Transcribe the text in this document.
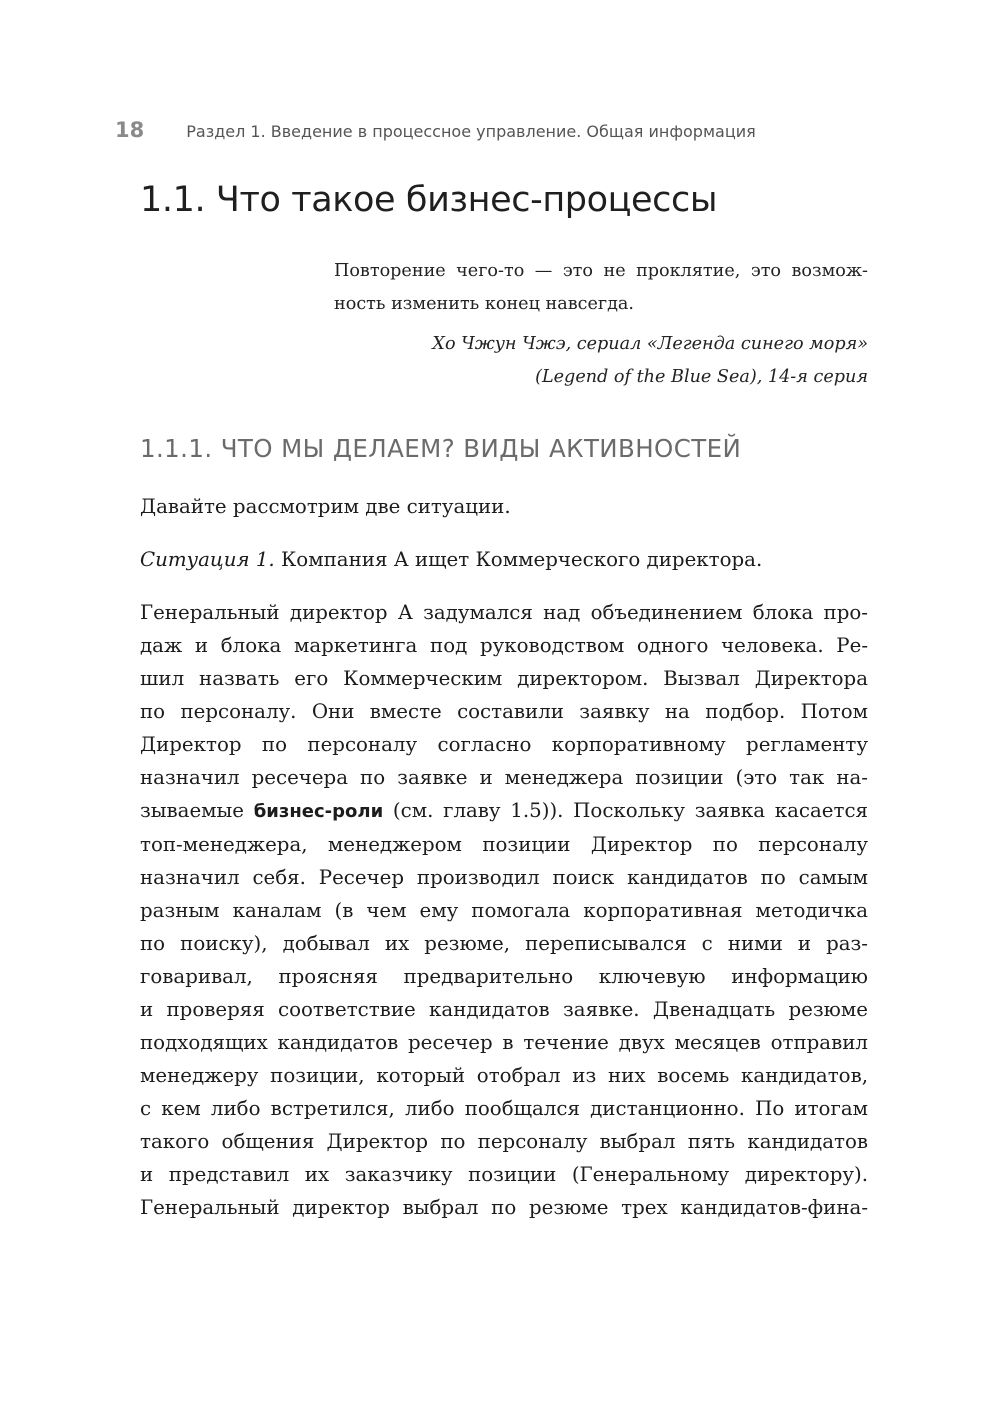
18	Раздел 1. Введение в процессное управление. Общая информация
1.1. Что такое бизнес-процессы

Повторение чего-то — это не проклятие, это возмож-
ность изменить конец навсегда.

Хо Чжун Чжэ, сериал «Легенда синего моря»
(Legend of the Blue Sea), 14-я серия

1.1.1. ЧТО МЫ ДЕЛАЕМ? ВИДЫ АКТИВНОСТЕЙ

Давайте рассмотрим две ситуации.

Ситуация 1. Компания А ищет Коммерческого директора.

Генеральный директор А задумался над объединением блока про-
даж и блока маркетинга под руководством одного человека. Ре-
шил назвать его Коммерческим директором. Вызвал Директора
по персоналу. Они вместе составили заявку на подбор. Потом
Директор по персоналу согласно корпоративному регламенту
назначил ресечера по заявке и менеджера позиции (это так на-
зываемые бизнес-роли (см. главу 1.5)). Поскольку заявка касается
топ-менеджера, менеджером позиции Директор по персоналу
назначил себя. Ресечер производил поиск кандидатов по самым
разным каналам (в чем ему помогала корпоративная методичка
по поиску), добывал их резюме, переписывался с ними и раз-
говаривал, проясняя предварительно ключевую информацию
и проверяя соответствие кандидатов заявке. Двенадцать резюме
подходящих кандидатов ресечер в течение двух месяцев отправил
менеджеру позиции, который отобрал из них восемь кандидатов,
с кем либо встретился, либо пообщался дистанционно. По итогам
такого общения Директор по персоналу выбрал пять кандидатов
и представил их заказчику позиции (Генеральному директору).
Генеральный директор выбрал по резюме трех кандидатов-фина-
